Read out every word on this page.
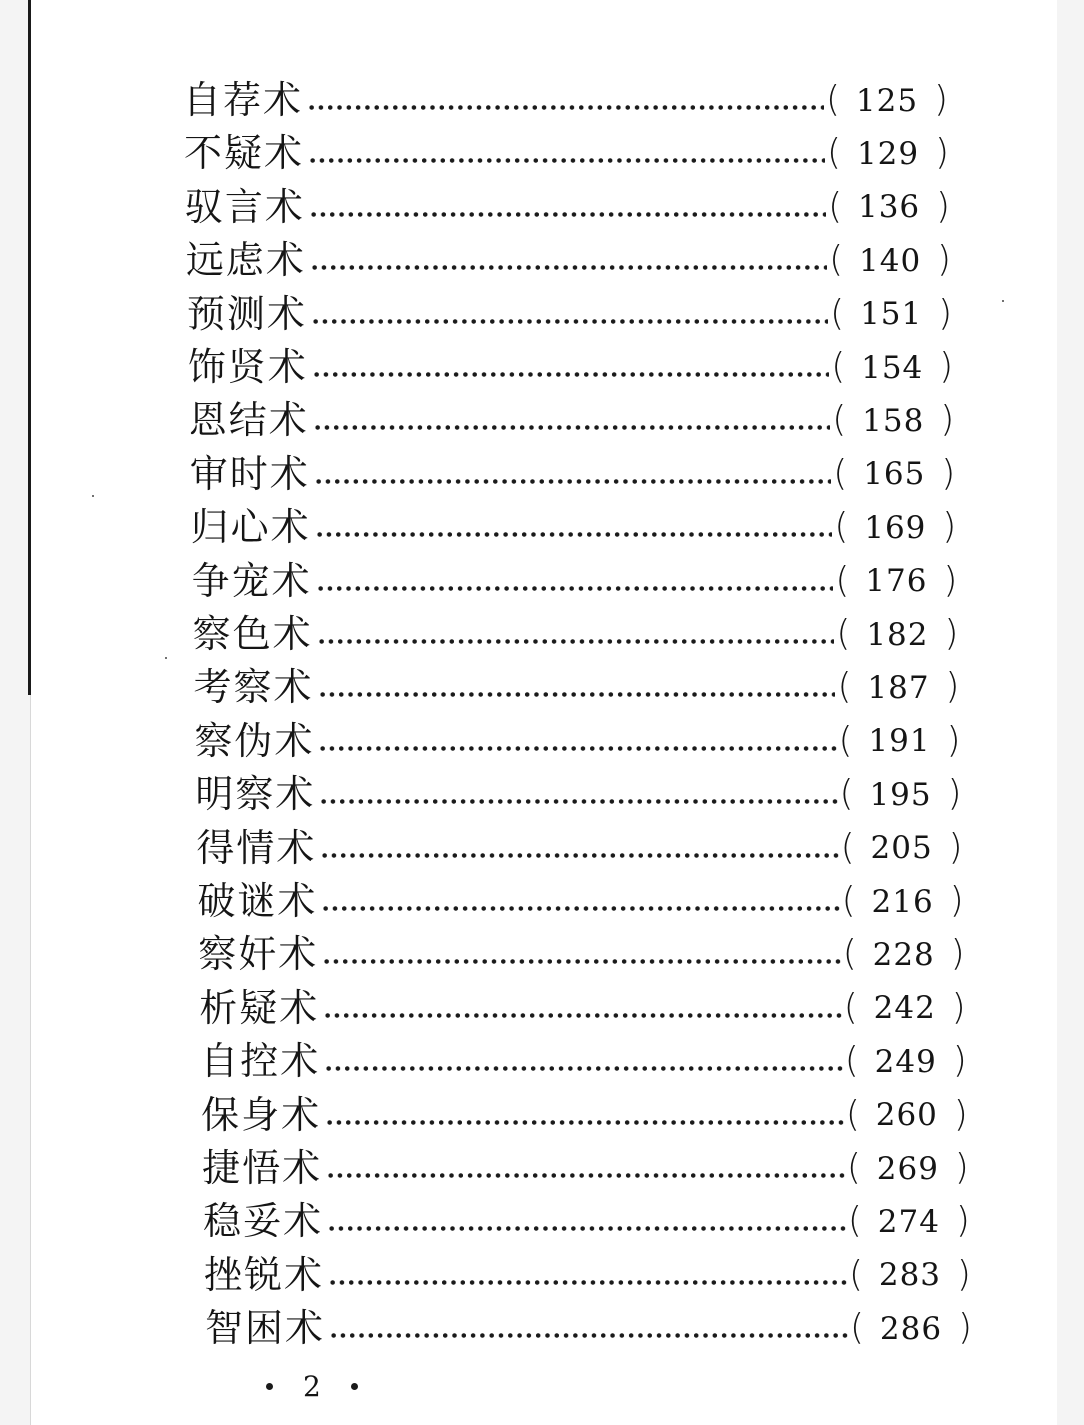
自荐术	( 125 )
不疑术	( 129 )
驭言术	( 136 )
远虑术	( 140 )
预测术	( 151 )
饰贤术	( 154 )
恩结术	( 158 )
审时术	( 165 )
归心术	( 169 )
争宠术	( 176 )
察色术	( 182 )
考察术	( 187 )
察伪术	( 191 )
明察术	( 195 )
得情术	( 205 )
破谜术	( 216 )
察奸术	( 228 )
析疑术	( 242 )
自控术	( 249 )
保身术	( 260 )
捷悟术	( 269 )
稳妥术	( 274 )
挫锐术	( 283 )
智困术	( 286 )
2
